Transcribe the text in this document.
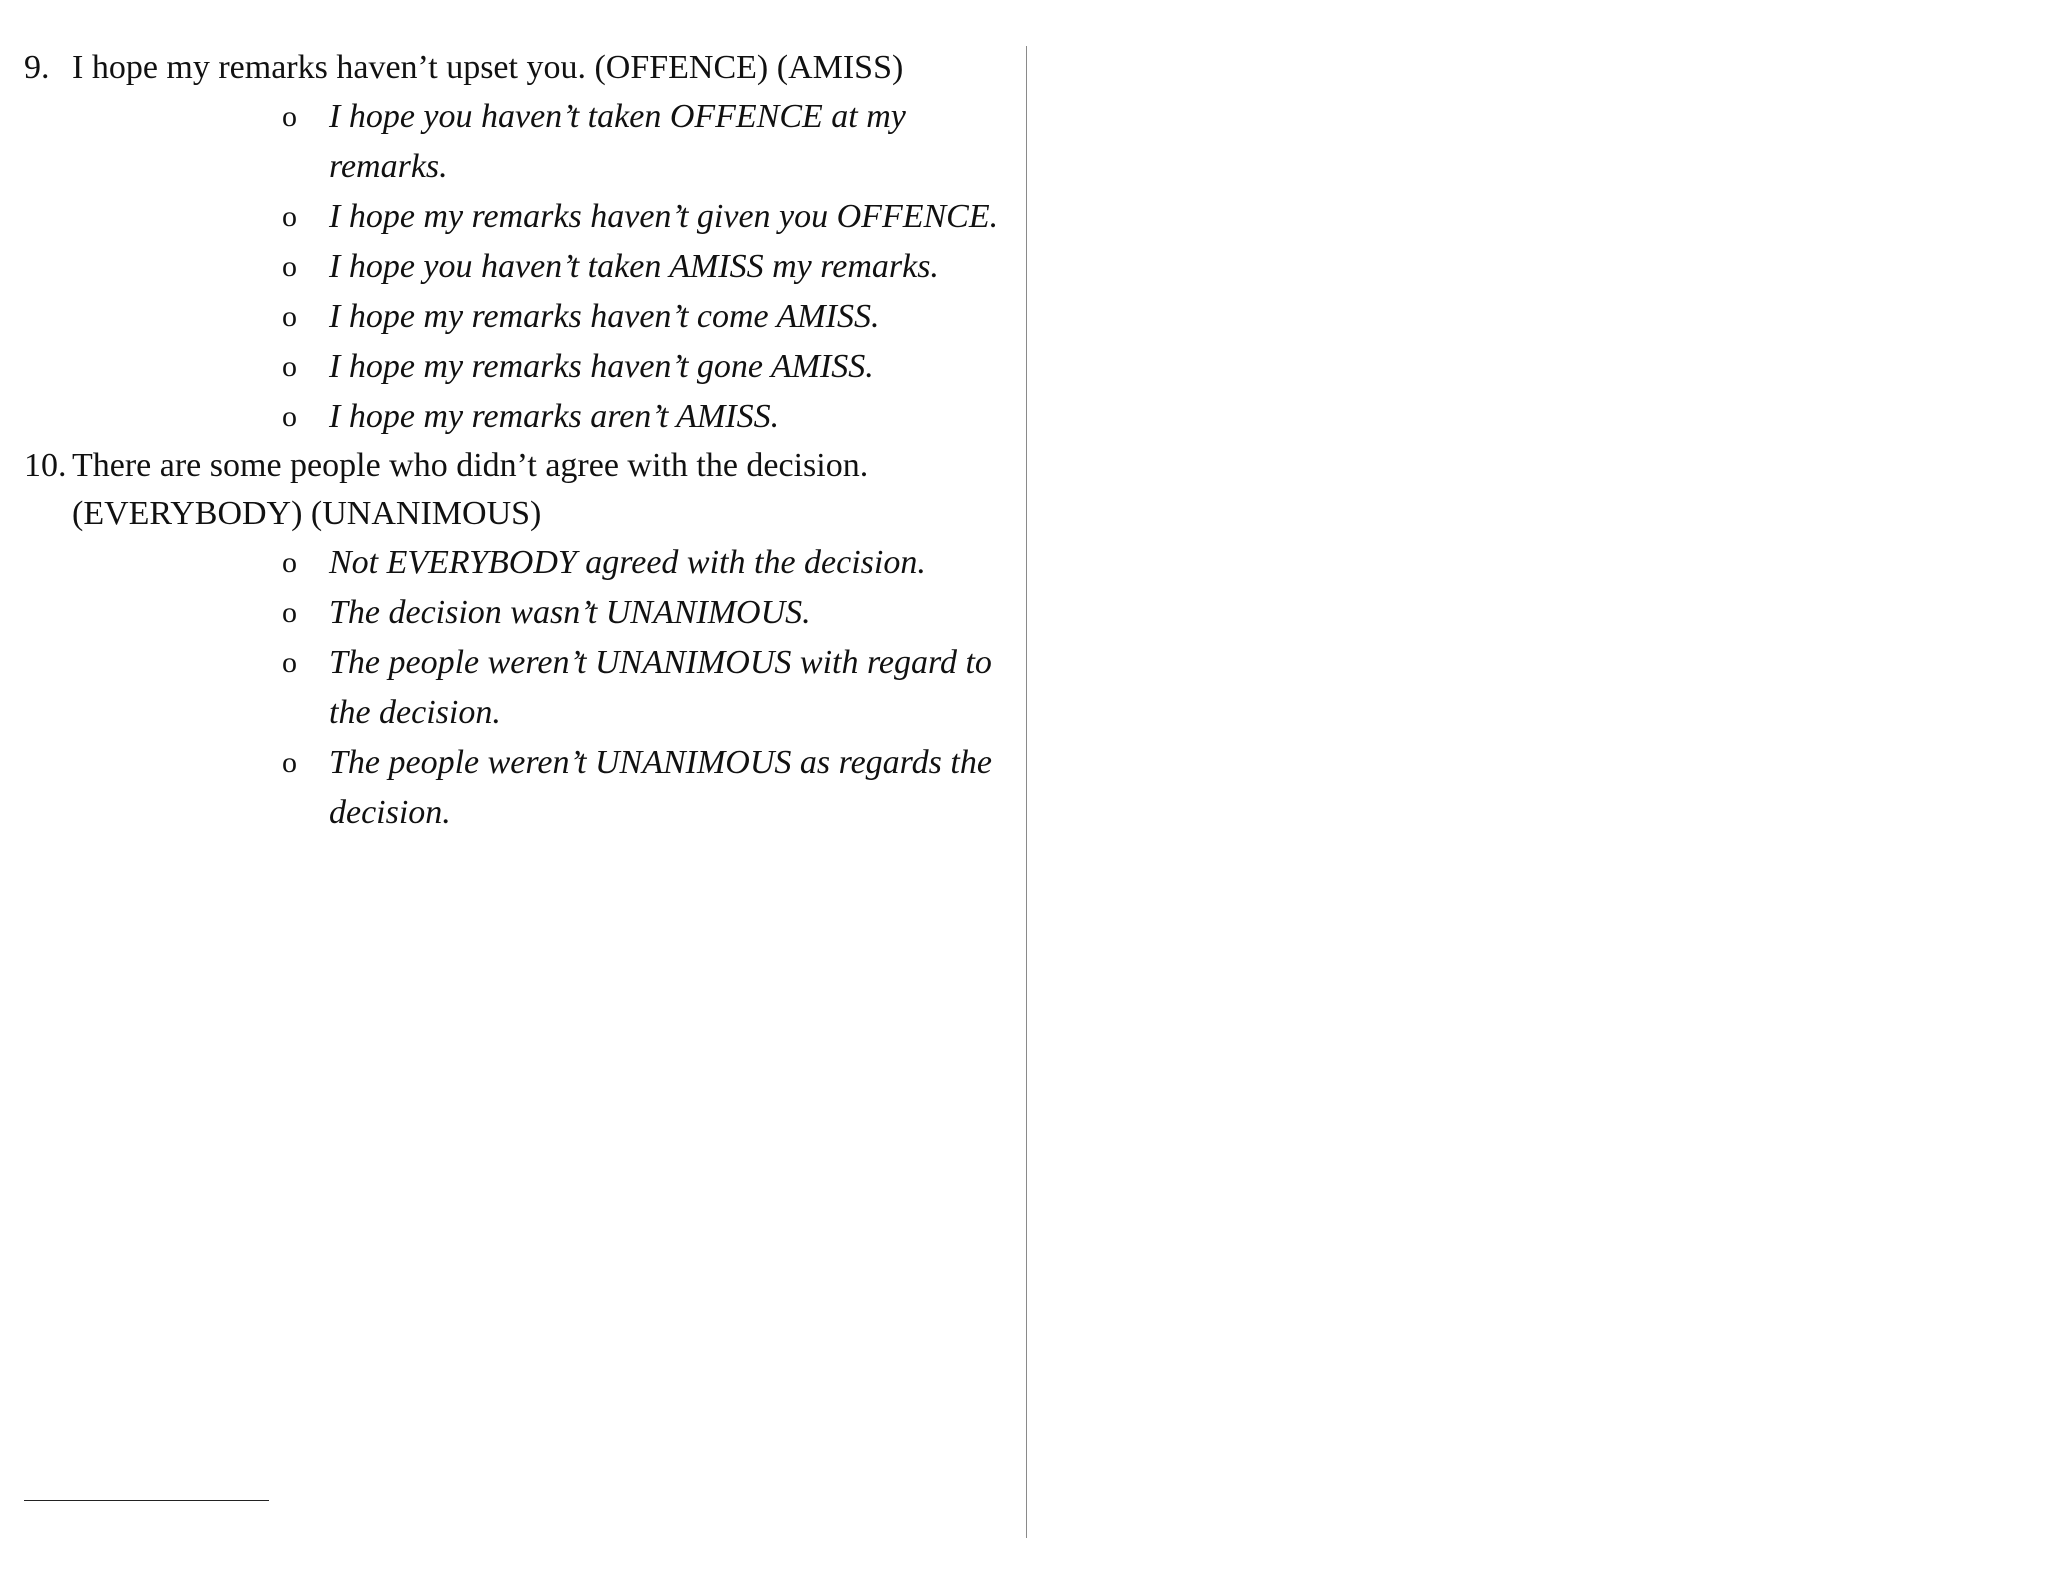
9. I hope my remarks haven’t upset you. (OFFENCE) (AMISS)
o I hope you haven’t taken OFFENCE at my remarks.
o I hope my remarks haven’t given you OFFENCE.
o I hope you haven’t taken AMISS my remarks.
o I hope my remarks haven’t come AMISS.
o I hope my remarks haven’t gone AMISS.
o I hope my remarks aren’t AMISS.
10. There are some people who didn’t agree with the decision. (EVERYBODY) (UNANIMOUS)
o Not EVERYBODY agreed with the decision.
o The decision wasn’t UNANIMOUS.
o The people weren’t UNANIMOUS with regard to the decision.
o The people weren’t UNANIMOUS as regards the decision.
